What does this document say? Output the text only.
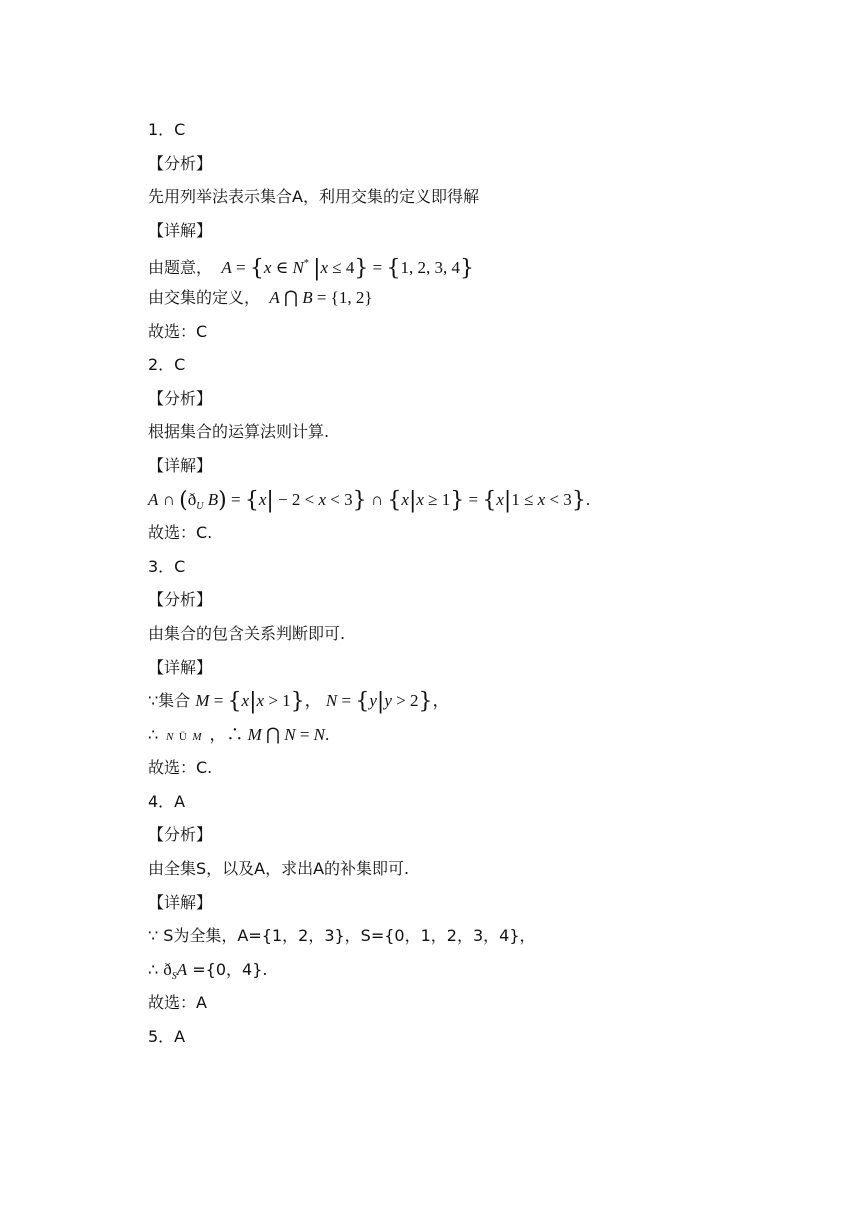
1．C
【分析】
先用列举法表示集合A，利用交集的定义即得解
【详解】
由题意， A = {x ∈ N* |x ≤ 4} = {1, 2, 3, 4}
由交集的定义， A ⋂ B = {1, 2}
故选：C
2．C
【分析】
根据集合的运算法则计算.
【详解】
A ∩ ($ð_U$ B) = {x| − 2 < x < 3} ∩ {x|x ≥ 1} = {x|1 ≤ x < 3}.
故选：C.
3．C
【分析】
由集合的包含关系判断即可.
【详解】
∵集合 M = {x|x > 1}， N = {y|y > 2}，
∴ N  Ü  M ，∴ M ⋂ N = N.
故选：C.
4．A
【分析】
由全集S，以及A，求出A的补集即可.
【详解】
∵ S为全集，A={1，2，3}，S={0，1，2，3，4}，
∴ $ð_SA =\{0$，4}.
故选：A
5．A
